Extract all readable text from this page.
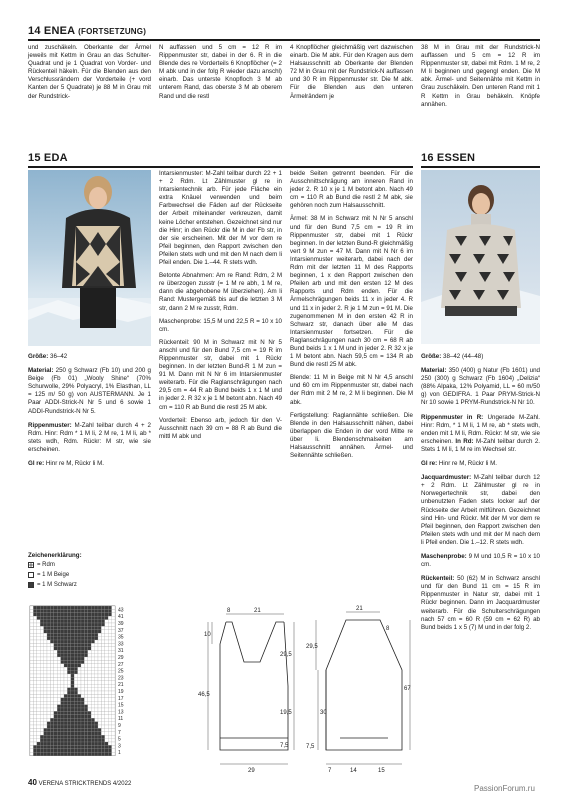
14 ENEA (FORTSETZUNG)

und zuschäkeln. Oberkante der Ärmel jeweils mit Kettm in Grau an das Schulter-Quadrat und je 1 Quadrat von Vorder- und Rückenteil häkeln. Für die Blenden aus den Verschlussrändern der Vorderteile (+ vord Kanten der 5 Quadrate) je 88 M in Grau mit der Rundstrick-

N auffassen und 5 cm = 12 R im Rippenmuster str, dabei in der 6. R in die Blende des re Vorderteils 6 Knopflöcher (= 2 M abk und in der folg R wieder dazu anschl) einarb. Das unterste Knopfloch 3 M ab unterem Rand, das oberste 3 M ab oberem Rand und die restl

4 Knopflöcher gleichmäßig vert dazwischen einarb. Die M abk. Für den Kragen aus dem Halsausschnitt ab Oberkante der Blenden 72 M in Grau mit der Rundstrick-N auffassen und 30 R im Rippenmuster str. Die M abk. Für die Blenden aus den unteren Ärmelrändern je

38 M in Grau mit der Rundstrick-N auffassen und 5 cm = 12 R im Rippenmuster str, dabei mit Rdm. 1 M re, 2 M li beginnen und gegengl enden. Die M abk. Ärmel- und Seitennähte mit Kettm in Grau zuschäkeln. Den unteren Rand mit 1 R Kettm in Grau behäkeln. Knöpfe annähen.

15 EDA

Größe: 36–42

Material: 250 g Schwarz (Fb 10) und 200 g Beige (Fb 01) „Wooly Shine“ (70% Schurwolle, 29% Polyacryl, 1% Elasthan, LL = 125 m/ 50 g) von AUSTERMANN. Je 1 Paar ADDI-Strick-N Nr 5 und 6 sowie 1 ADDI-Rundstrick-N Nr 5.

Rippenmuster: M-Zahl teilbar durch 4 + 2 Rdm. Hinr: Rdm * 1 M li, 2 M re, 1 M li, ab * stets wdh, Rdm. Rückr: M str, wie sie erscheinen.

Gl re: Hinr re M, Rückr li M.

Zeichenerklärung:
= Rdm
= 1 M Beige
= 1 M Schwarz
43
41
39
37
35
33
31
29
27
25
23
21
19
17
15
13
11
9
7
5
3
1

Intarsienmuster: M-Zahl teilbar durch 22 + 1 + 2 Rdm. Lt Zählmuster gl re in Intarsientechnik arb. Für jede Fläche ein extra Knäuel verwenden und beim Farbwechsel die Fäden auf der Rückseite der Arbeit miteinander verkreuzen, damit keine Löcher entstehen. Gezeichnet sind nur die Hinr; in den Rückr die M in der Fb str, in der sie erscheinen. Mit der M vor dem re Pfeil beginnen, den Rapport zwischen den Pfeilen stets wdh und mit den M nach dem li Pfeil enden. Die 1.–44. R stets wdh.

Betonte Abnahmen: Am re Rand: Rdm, 2 M re überzogen zusstr (= 1 M re abh, 1 M re, dann die abgehobene M überziehen). Am li Rand: Mustergemäß bis auf die letzten 3 M str, dann 2 M re zusstr, Rdm.

Maschenprobe: 15,5 M und 22,5 R = 10 x 10 cm.

Rückenteil: 90 M in Schwarz mit N Nr 5 anschl und für den Bund 7,5 cm = 19 R im Rippenmuster str, dabei mit 1 Rückr beginnen. In der letzten Bund-R 1 M zun = 91 M. Dann mit N Nr 6 im Intarsienmuster weiterarb. Für die Raglanschrägungen nach 29,5 cm = 44 R ab Bund beids 1 x 1 M und in jeder 2. R 32 x je 1 M betont abn. Nach 49 cm = 110 R ab Bund die restl 25 M abk.

Vorderteil: Ebenso arb, jedoch für den V-Ausschnitt nach 39 cm = 88 R ab Bund die mittl M abk und

beide Seiten getrennt beenden. Für die Ausschnittschrägung am inneren Rand in jeder 2. R 10 x je 1 M betont abn. Nach 49 cm = 110 R ab Bund die restl 2 M abk, sie gehören noch zum Halsausschnitt.

Ärmel: 38 M in Schwarz mit N Nr 5 anschl und für den Bund 7,5 cm = 19 R im Rippenmuster str, dabei mit 1 Rückr beginnen. In der letzten Bund-R gleichmäßig vert 9 M zun = 47 M. Dann mit N Nr 6 im Intarsienmuster weiterarb, dabei nach der Rdm mit der letzten 11 M des Rapports beginnen, 1 x den Rapport zwischen den Pfeilen arb und mit den ersten 12 M des Rapports und Rdm enden. Für die Ärmelschrägungen beids 11 x in jeder 4. R und 11 x in jeder 2. R je 1 M zun = 91 M. Die zugenommenen M in den ersten 42 R in Schwarz str, danach über alle M das Intarsienmuster fortsetzen. Für die Raglanschrägungen nach 30 cm = 68 R ab Bund beids 1 x 1 M und in jeder 2. R 32 x je 1 M betont abn. Nach 59,5 cm = 134 R ab Bund die restl 25 M abk.

Blende: 11 M in Beige mit N Nr 4,5 anschl und 60 cm im Rippenmuster str, dabei nach der Rdm mit 2 M re, 2 M li beginnen. Die M abk.

Fertigstellung: Raglannähte schließen. Die Blende in den Halsausschnitt nähen, dabei überlappen die Enden in der vord Mitte re über li. Blendenschmalseiten am Halsausschnitt annähen. Ärmel- und Seitennähte schließen.

16 ESSEN

Größe: 38–42 (44–48)

Material: 350 (400) g Natur (Fb 1601) und 250 (300) g Schwarz (Fb 1604) „Delizia“ (88% Alpaka, 12% Polyamid, LL = 60 m/50 g) von GEDIFRA. 1 Paar PRYM-Strick-N Nr 10 sowie 1 PRYM-Rundstrick-N Nr 10.

Rippenmuster in R: Ungerade M-Zahl. Hinr: Rdm, * 1 M li, 1 M re, ab * stets wdh, enden mit 1 M li, Rdm. Rückr: M str, wie sie erscheinen. In Rd: M-Zahl teilbar durch 2. Stets 1 M li, 1 M re im Wechsel str.

Gl re: Hinr re M, Rückr li M.

Jacquardmuster: M-Zahl teilbar durch 12 + 2 Rdm. Lt Zählmuster gl re in Norwegertechnik str, dabei den unbenutzten Faden stets locker auf der Rückseite der Arbeit mitführen. Gezeichnet sind Hin- und Rückr. Mit der M vor dem re Pfeil beginnen, den Rapport zwischen den Pfeilen stets wdh und mit der M nach dem li Pfeil enden. Die 1.–12. R stets wdh.

Maschenprobe: 9 M und 10,5 R = 10 x 10 cm.

Rückenteil: 50 (62) M in Schwarz anschl und für den Bund 11 cm = 15 R im Rippenmuster in Natur str, dabei mit 1 Rückr beginnen. Dann im Jacquardmuster weiterarb. Für die Schulterschrägungen nach 57 cm = 60 R (59 cm = 62 R) ab Bund beids 1 x 5 (7) M und in der folg 2.

8	21
10
29,5
46,5
19,5
7,5
29
21
8
29,5
30
67
7,5
7	14	15
40 VERENA STRICKTRENDS 4/2022	PassionForum.ru
